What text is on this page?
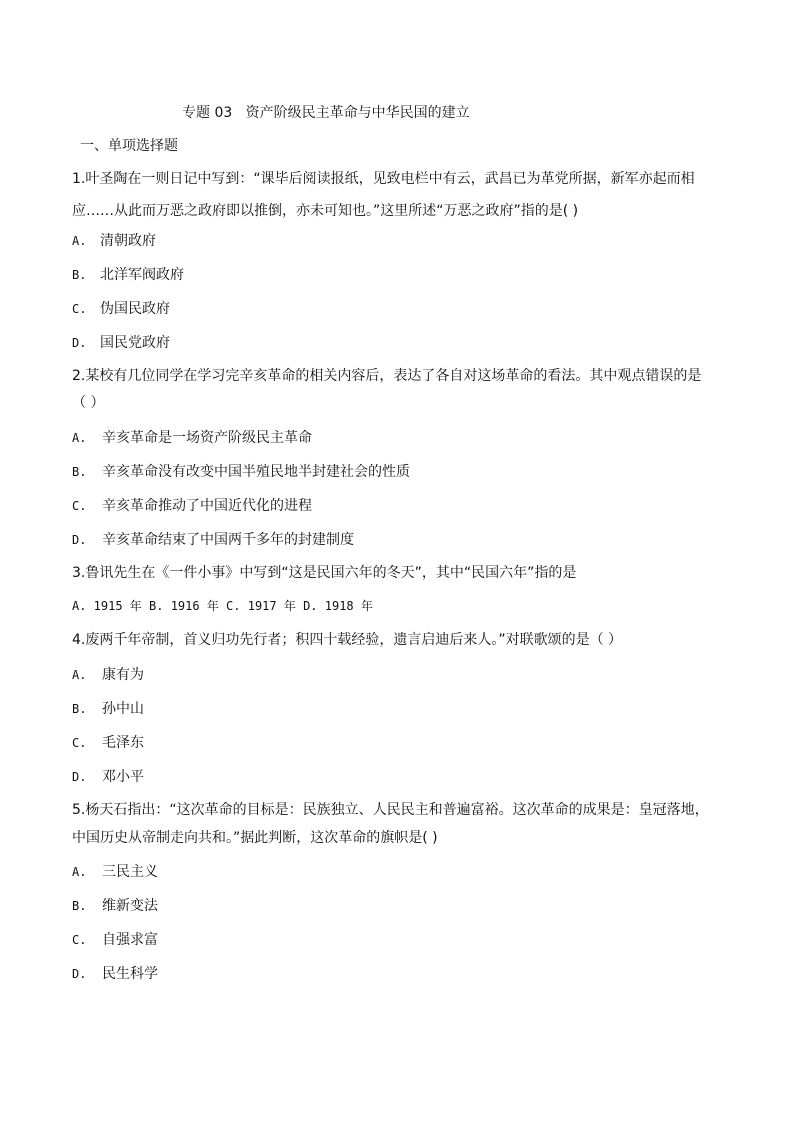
专题 03   资产阶级民主革命与中华民国的建立
一、单项选择题
1.叶圣陶在一则日记中写到：“课毕后阅读报纸，见致电栏中有云，武昌已为革党所据，新军亦起而相
应……从此而万恶之政府即以推倒，亦未可知也。”这里所述“万恶之政府”指的是( )
A. 清朝政府
B. 北洋军阀政府
C. 伪国民政府
D. 国民党政府
2.某校有几位同学在学习完辛亥革命的相关内容后，表达了各自对这场革命的看法。其中观点错误的是
（ ）
A. 辛亥革命是一场资产阶级民主革命
B. 辛亥革命没有改变中国半殖民地半封建社会的性质
C. 辛亥革命推动了中国近代化的进程
D. 辛亥革命结束了中国两千多年的封建制度
3.鲁讯先生在《一件小事》中写到“这是民国六年的冬天”，其中“民国六年”指的是
A. 1915 年 B. 1916 年 C. 1917 年 D. 1918 年
4.废两千年帝制，首义归功先行者；积四十载经验，遗言启迪后来人。”对联歌颂的是（ ）
A. 康有为
B. 孙中山
C. 毛泽东
D. 邓小平
5.杨天石指出：“这次革命的目标是：民族独立、人民民主和普遍富裕。这次革命的成果是：皇冠落地，
中国历史从帝制走向共和。”据此判断，这次革命的旗帜是( )
A. 三民主义
B. 维新变法
C. 自强求富
D. 民生科学
